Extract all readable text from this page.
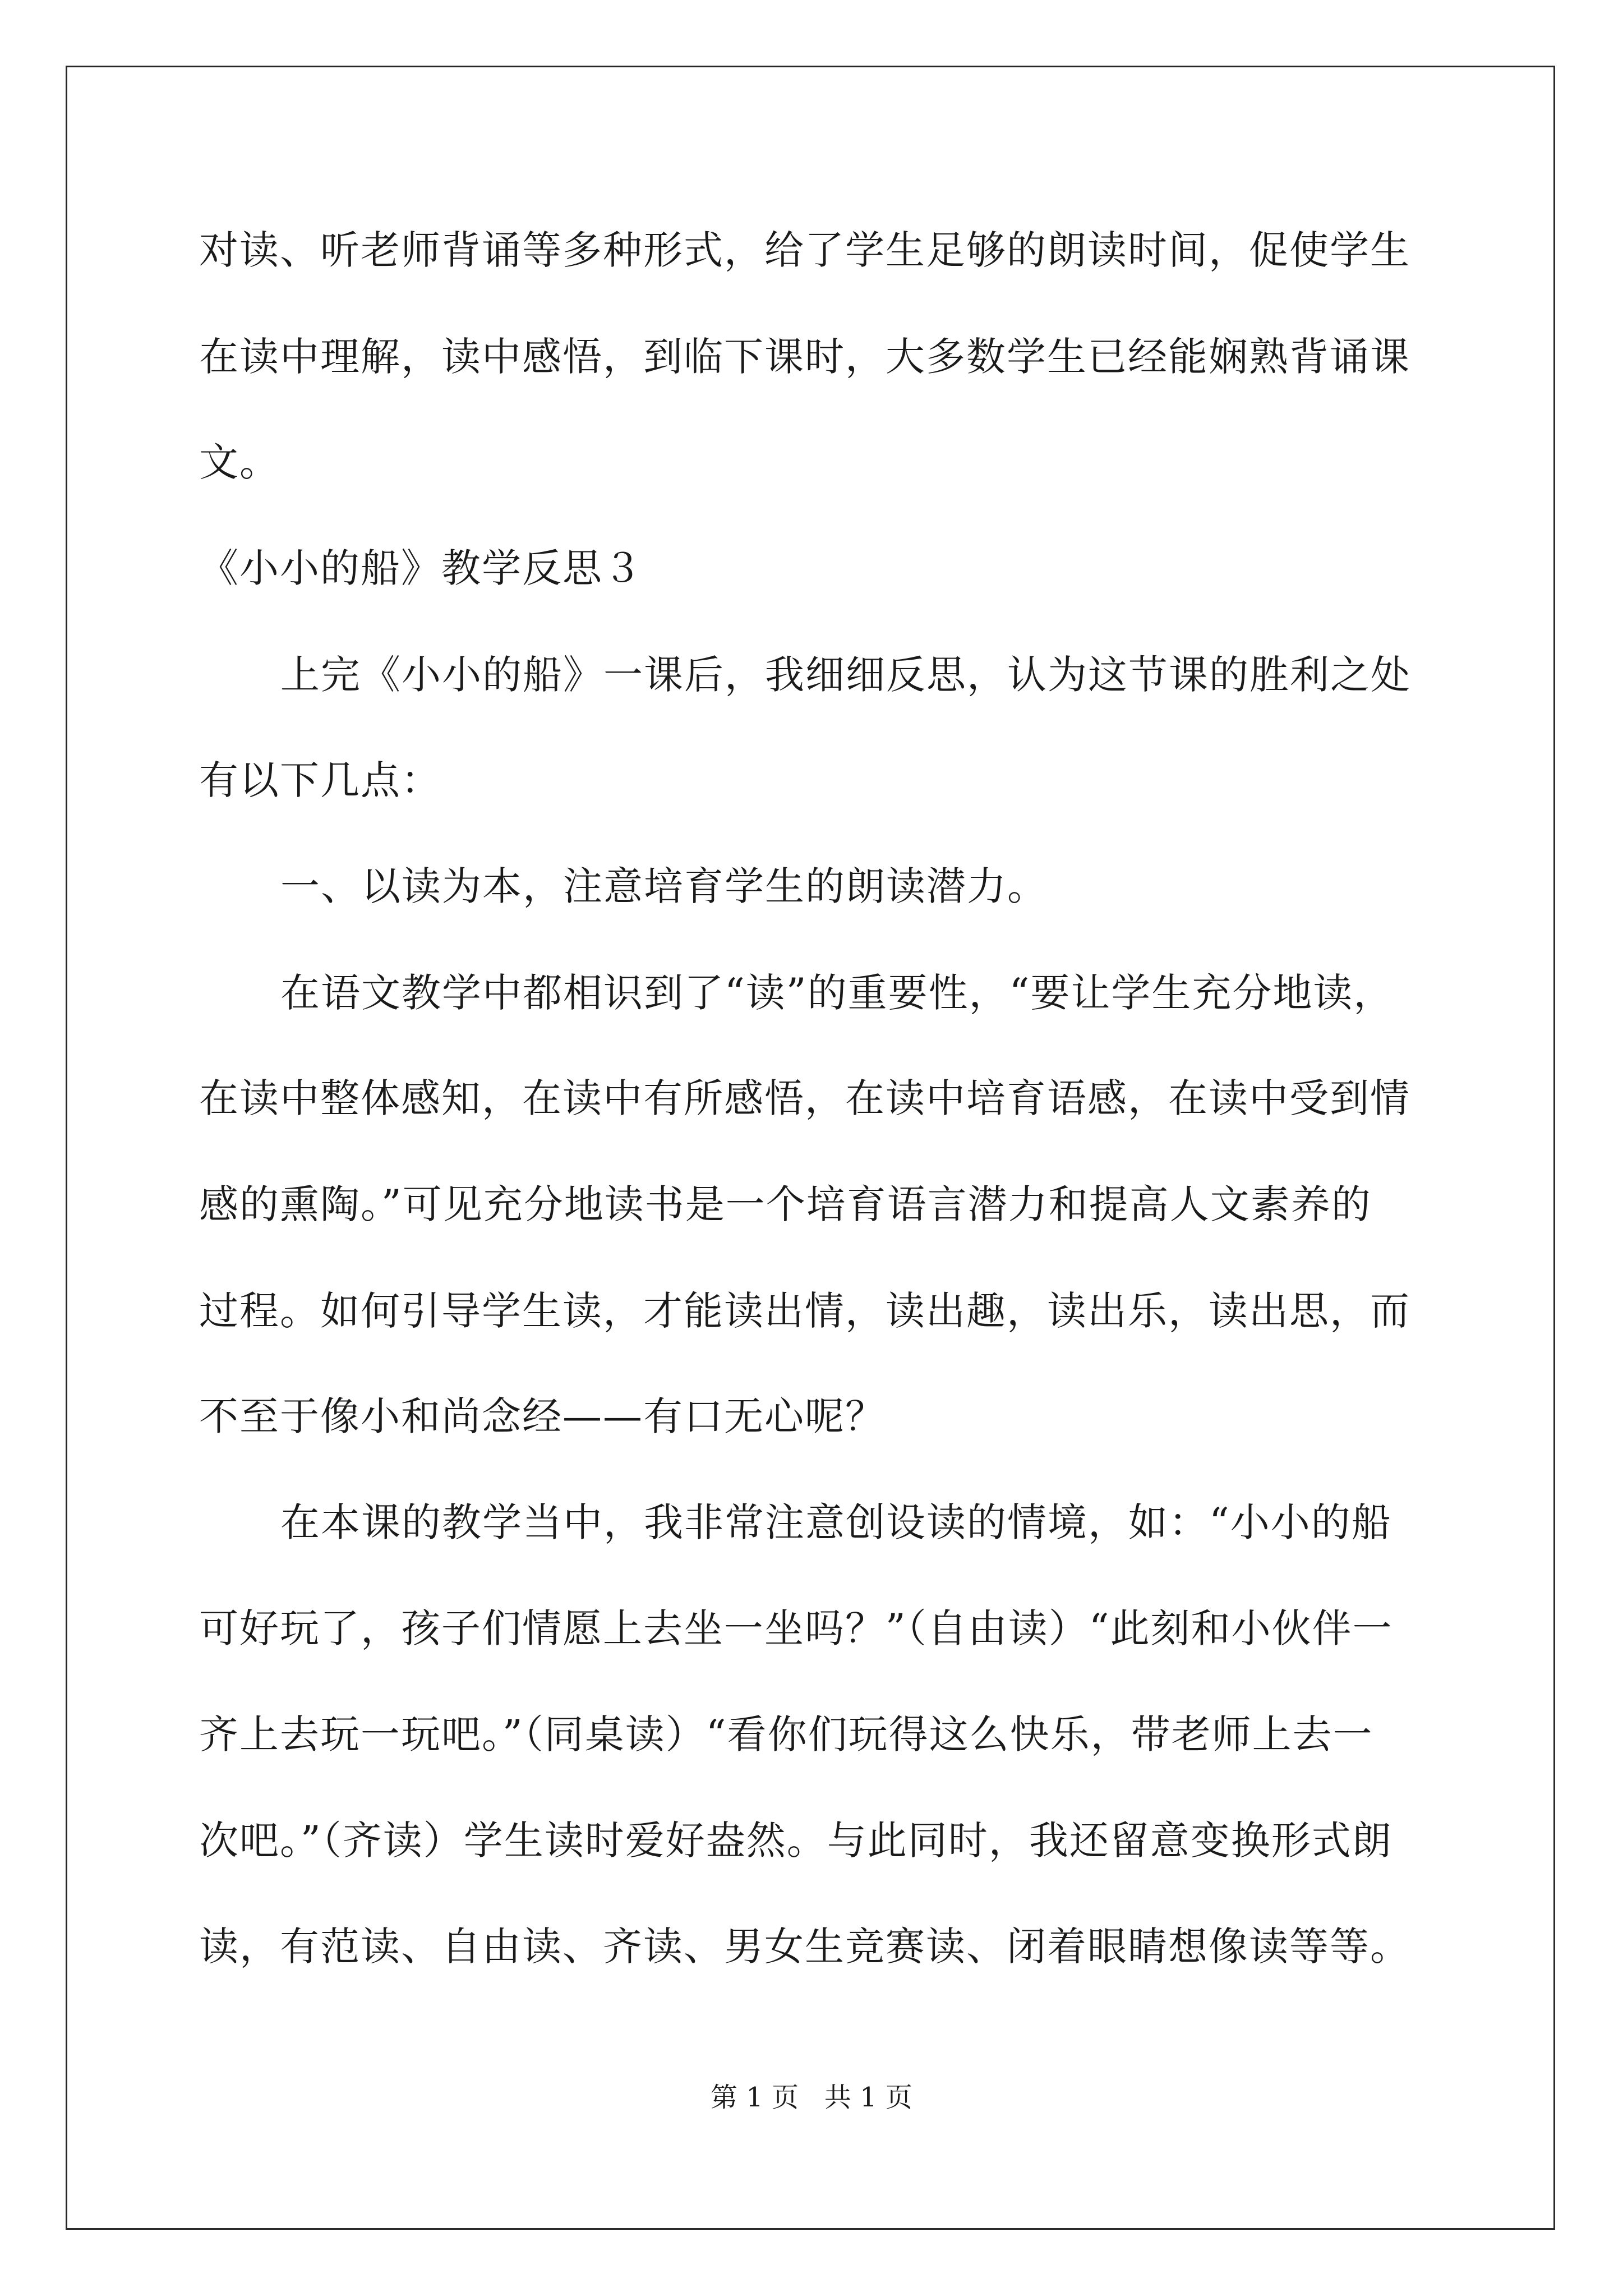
对读、听老师背诵等多种形式，给了学生足够的朗读时间，促使学生
在读中理解，读中感悟，到临下课时，大多数学生已经能娴熟背诵课
文。
《小小的船》教学反思３
上完《小小的船》一课后，我细细反思，认为这节课的胜利之处
有以下几点：
一、以读为本，注意培育学生的朗读潜力。
在语文教学中都相识到了“读”的重要性，“要让学生充分地读，
在读中整体感知，在读中有所感悟，在读中培育语感，在读中受到情
感的熏陶。”可见充分地读书是一个培育语言潜力和提高人文素养的
过程。如何引导学生读，才能读出情，读出趣，读出乐，读出思，而
不至于像小和尚念经——有口无心呢？
在本课的教学当中，我非常注意创设读的情境，如：“小小的船
可好玩了，孩子们情愿上去坐一坐吗？”（自由读）“此刻和小伙伴一
齐上去玩一玩吧。”（同桌读）“看你们玩得这么快乐，带老师上去一
次吧。”（齐读）学生读时爱好盎然。与此同时，我还留意变换形式朗
读，有范读、自由读、齐读、男女生竞赛读、闭着眼睛想像读等等。
第 1 页   共 1 页
